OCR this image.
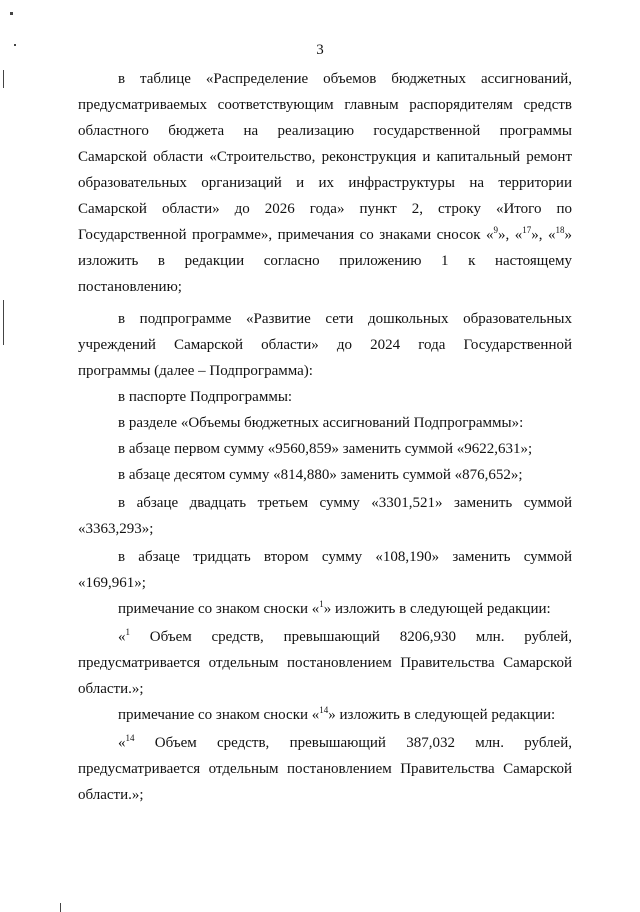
3
в таблице «Распределение объемов бюджетных ассигнований,
предусматриваемых соответствующим главным распорядителям средств
областного бюджета на реализацию государственной программы
Самарской области «Строительство, реконструкция и капитальный ремонт
образовательных организаций и их инфраструктуры на территории
Самарской области» до 2026 года» пункт 2, строку «Итого по
Государственной программе», примечания со знаками сносок «$^9$», «$^{17}$», «$^{18}$»
изложить в редакции согласно приложению 1 к настоящему
постановлению;
в подпрограмме «Развитие сети дошкольных образовательных
учреждений Самарской области» до 2024 года Государственной
программы (далее – Подпрограмма):
в паспорте Подпрограммы:
в разделе «Объемы бюджетных ассигнований Подпрограммы»:
в абзаце первом сумму «9560,859» заменить суммой «9622,631»;
в абзаце десятом сумму «814,880» заменить суммой «876,652»;
в абзаце двадцать третьем сумму «3301,521» заменить суммой
«3363,293»;
в абзаце тридцать втором сумму «108,190» заменить суммой
«169,961»;
примечание со знаком сноски «$^1$» изложить в следующей редакции:
«$^1$ Объем средств, превышающий 8206,930 млн. рублей,
предусматривается отдельным постановлением Правительства Самарской
области.»;
примечание со знаком сноски «$^{14}$» изложить в следующей редакции:
«$^{14}$ Объем средств, превышающий 387,032 млн. рублей,
предусматривается отдельным постановлением Правительства Самарской
области.»;
